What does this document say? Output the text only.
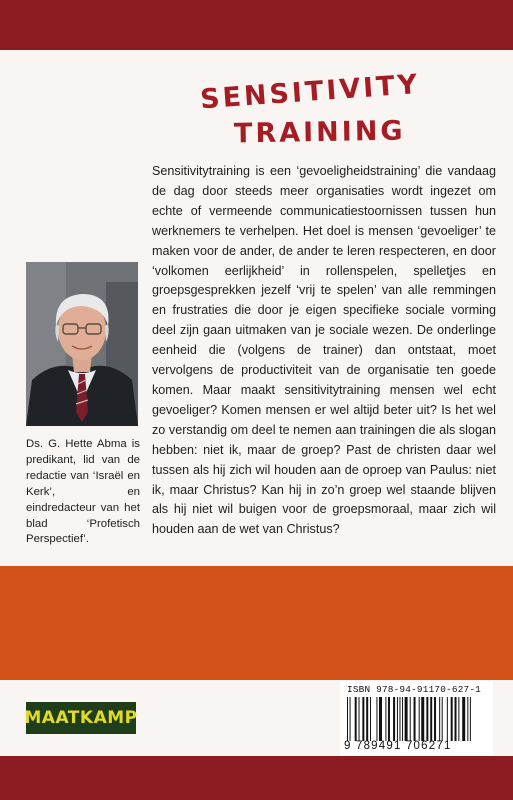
SENSITIVITY
TRAINING
Sensitivitytraining is een ‘gevoeligheidstraining’ die vandaag de dag door steeds meer organisaties wordt ingezet om echte of vermeende communicatiestoornissen tussen hun werknemers te verhelpen. Het doel is mensen ‘gevoeliger’ te maken voor de ander, de ander te leren respecteren, en door ‘volkomen eerlijkheid’ in rollenspelen, spelletjes en groepsgesprekken jezelf ‘vrij te spelen’ van alle remmingen en frustraties die door je eigen specifieke sociale vorming deel zijn gaan uitmaken van je sociale wezen. De onderlinge eenheid die (volgens de trainer) dan ontstaat, moet vervolgens de productiviteit van de organisatie ten goede komen. Maar maakt sensitivitytraining mensen wel echt gevoeliger? Komen mensen er wel altijd beter uit? Is het wel zo verstandig om deel te nemen aan trainingen die als slogan hebben: niet ik, maar de groep? Past de christen daar wel tussen als hij zich wil houden aan de oproep van Paulus: niet ik, maar Christus? Kan hij in zo’n groep wel staande blijven als hij niet wil buigen voor de groepsmoraal, maar zich wil houden aan de wet van Christus?
Ds. G. Hette Abma is predikant, lid van de redactie van ‘Israël en Kerk’, en eindredacteur van het blad ‘Profetisch Perspectief’.
MAATKAMP
ISBN 978-94-91170-627-1
9 789491 706271
